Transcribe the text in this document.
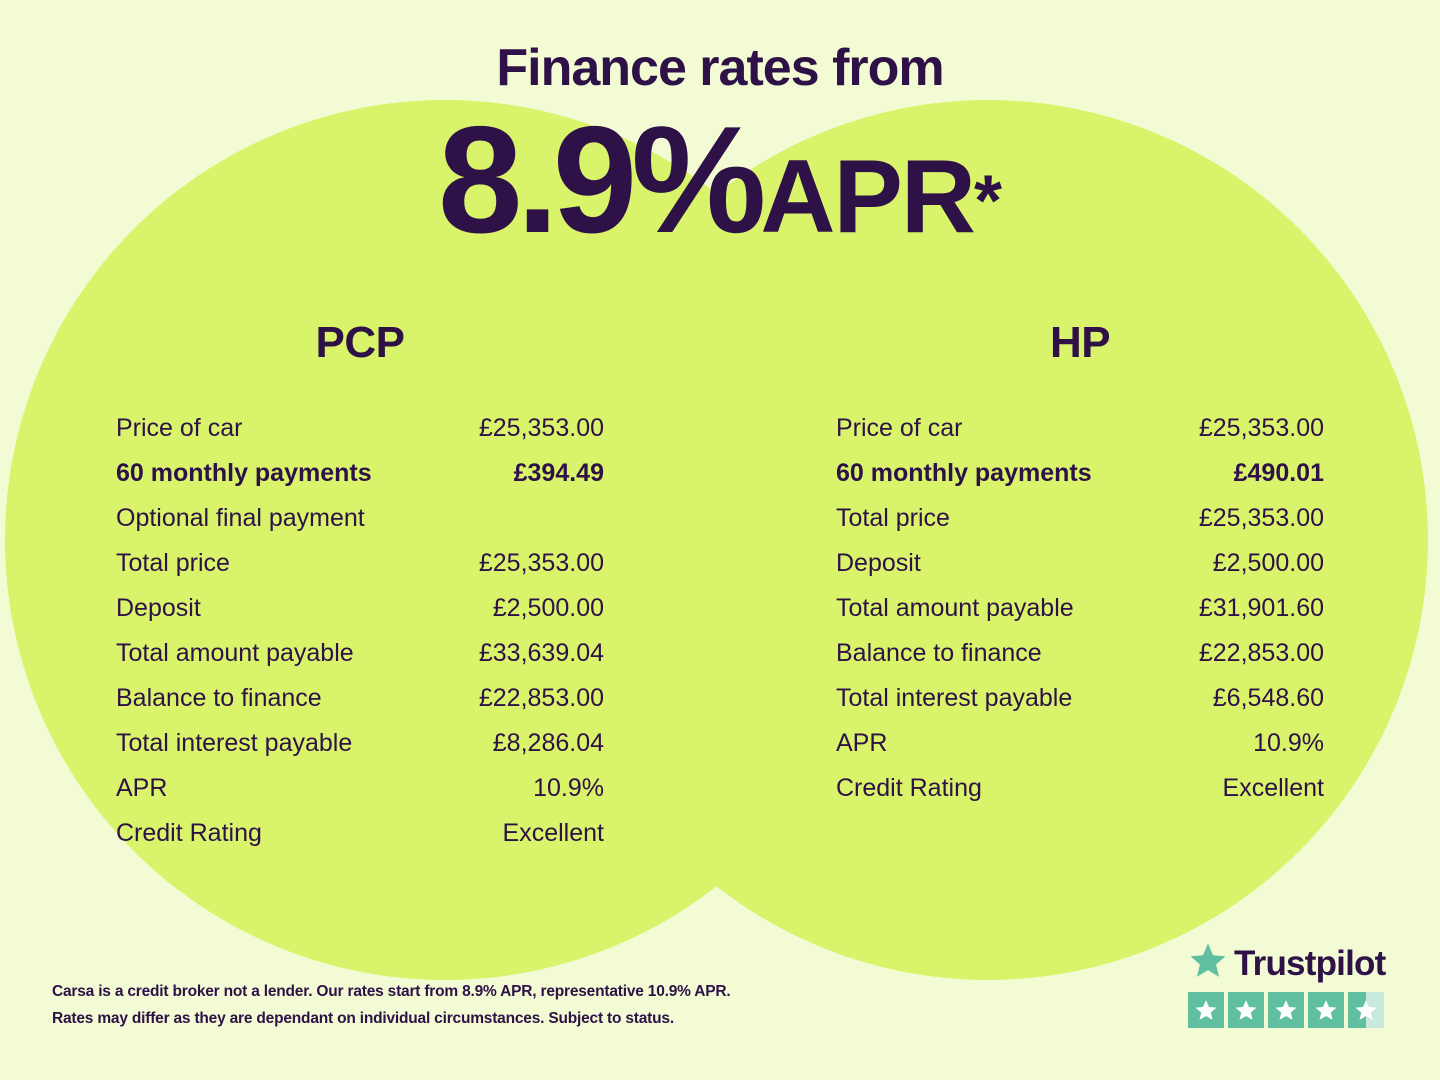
Finance rates from
8.9%APR*
PCP
Price of car	£25,353.00
60 monthly payments	£394.49
Optional final payment
Total price	£25,353.00
Deposit	£2,500.00
Total amount payable	£33,639.04
Balance to finance	£22,853.00
Total interest payable	£8,286.04
APR	10.9%
Credit Rating	Excellent
HP
Price of car	£25,353.00
60 monthly payments	£490.01
Total price	£25,353.00
Deposit	£2,500.00
Total amount payable	£31,901.60
Balance to finance	£22,853.00
Total interest payable	£6,548.60
APR	10.9%
Credit Rating	Excellent
Carsa is a credit broker not a lender. Our rates start from 8.9% APR, representative 10.9% APR.
Rates may differ as they are dependant on individual circumstances. Subject to status.
Trustpilot
